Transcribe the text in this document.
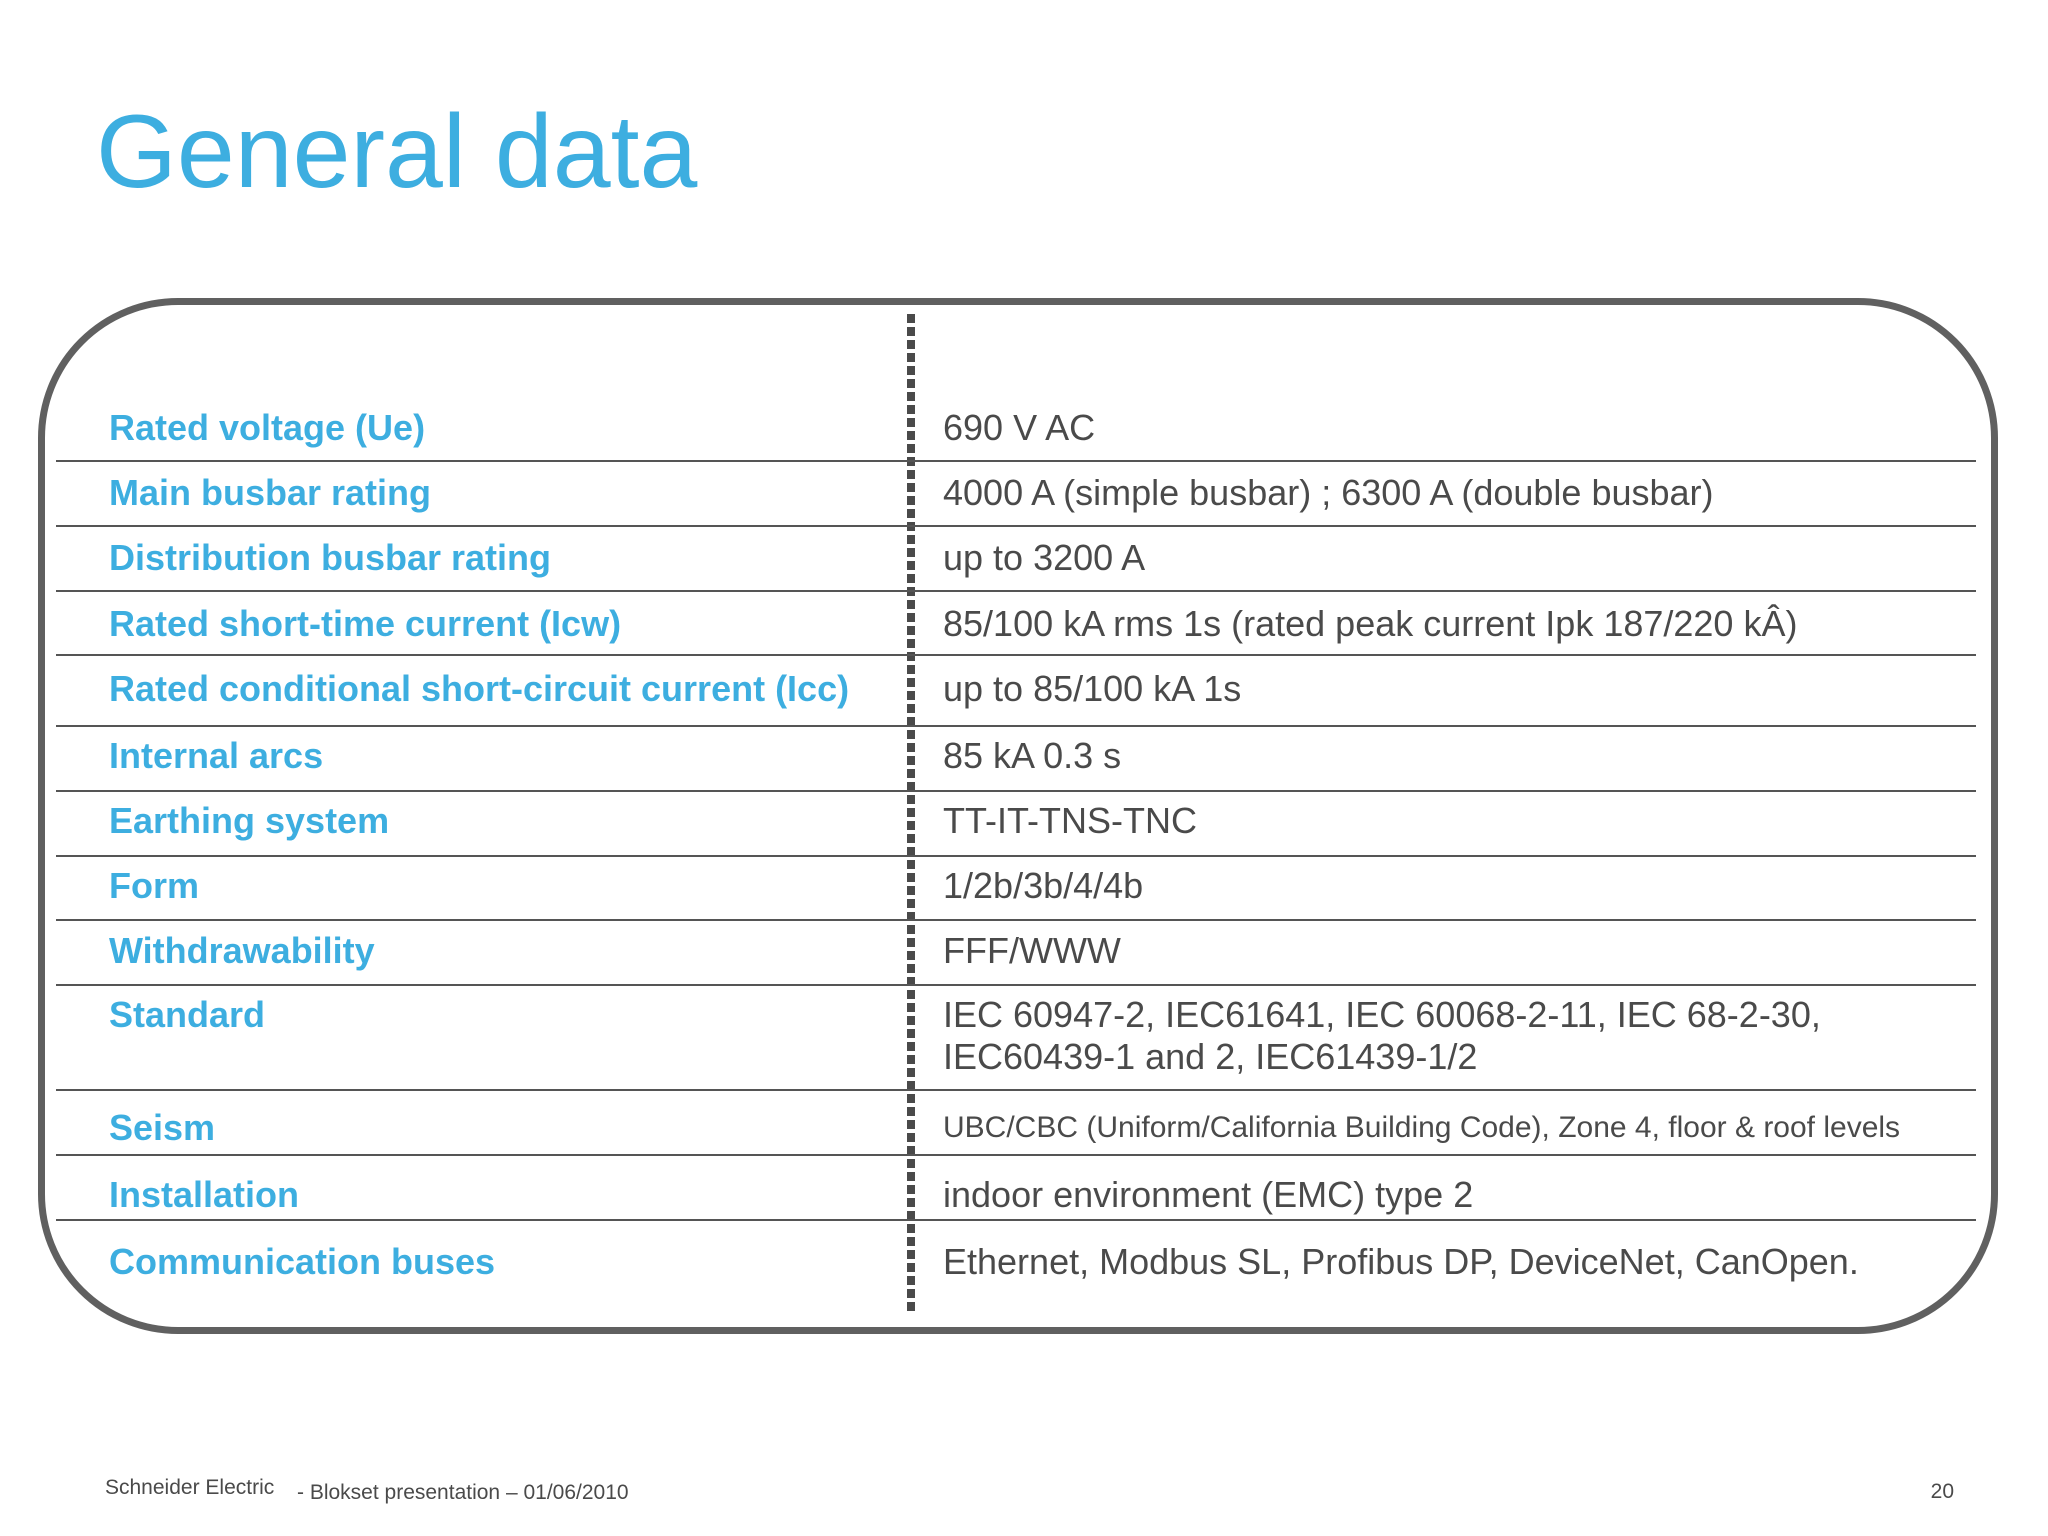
General data
Rated voltage (Ue)	690 V AC
Main busbar rating	4000 A (simple busbar) ; 6300 A (double busbar)
Distribution busbar rating	up to 3200 A
Rated short-time current (Icw)	85/100 kA rms 1s (rated peak current Ipk 187/220 kÂ)
Rated conditional short-circuit current (Icc)	up to 85/100 kA 1s
Internal arcs	85 kA 0.3 s
Earthing system	TT-IT-TNS-TNC
Form	1/2b/3b/4/4b
Withdrawability	FFF/WWW
Standard	IEC 60947-2, IEC61641, IEC 60068-2-11, IEC 68-2-30,
IEC60439-1 and 2, IEC61439-1/2
Seism	UBC/CBC (Uniform/California Building Code), Zone 4, floor & roof levels
Installation	indoor environment (EMC) type 2
Communication buses	Ethernet, Modbus SL, Profibus DP, DeviceNet, CanOpen.
Schneider Electric - Blokset presentation – 01/06/2010	20
